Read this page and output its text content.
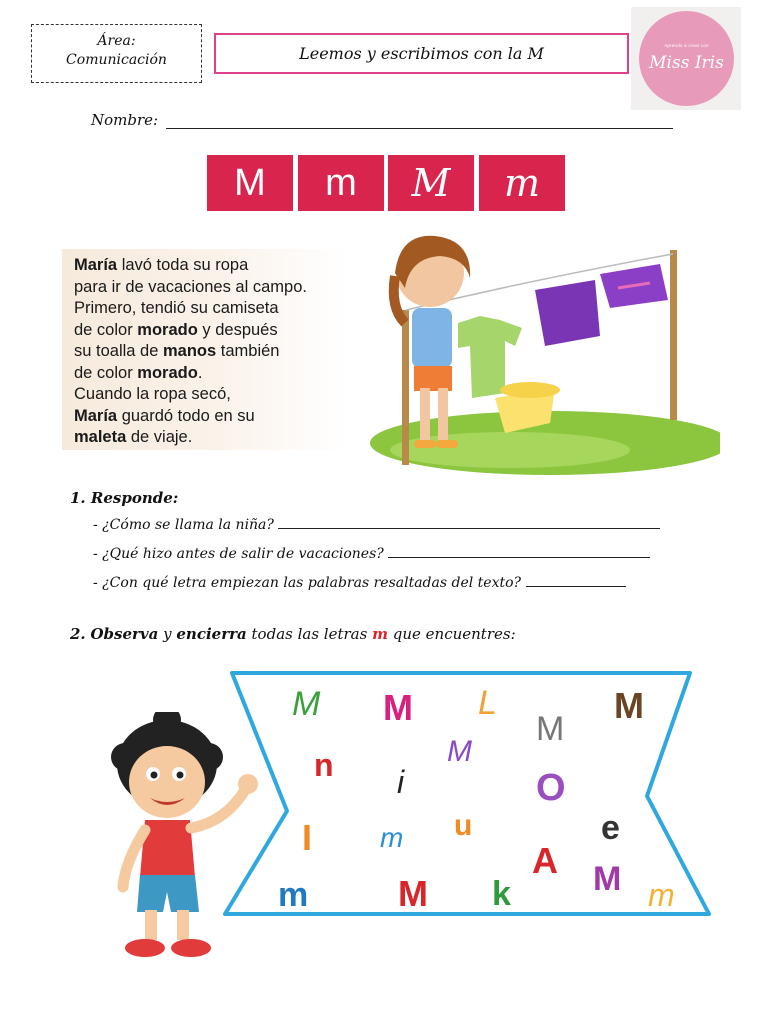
Área:
Comunicación	Leemos y escribimos con la M	Aprendo a crear con
Miss Iris
Nombre:
M	m	M	m
María lavó toda su ropa
para ir de vacaciones al campo.
Primero, tendió su camiseta
de color morado y después
su toalla de manos también
de color morado.
Cuando la ropa secó,
María guardó todo en su
maleta de viaje.
1. Responde:
- ¿Cómo se llama la niña?
- ¿Qué hizo antes de salir de vacaciones?
- ¿Con qué letra empiezan las palabras resaltadas del texto?
2. Observa y encierra todas las letras m que encuentres:
M M L
M
M
M
n i	O
I m u	e
A M
m M k	m
